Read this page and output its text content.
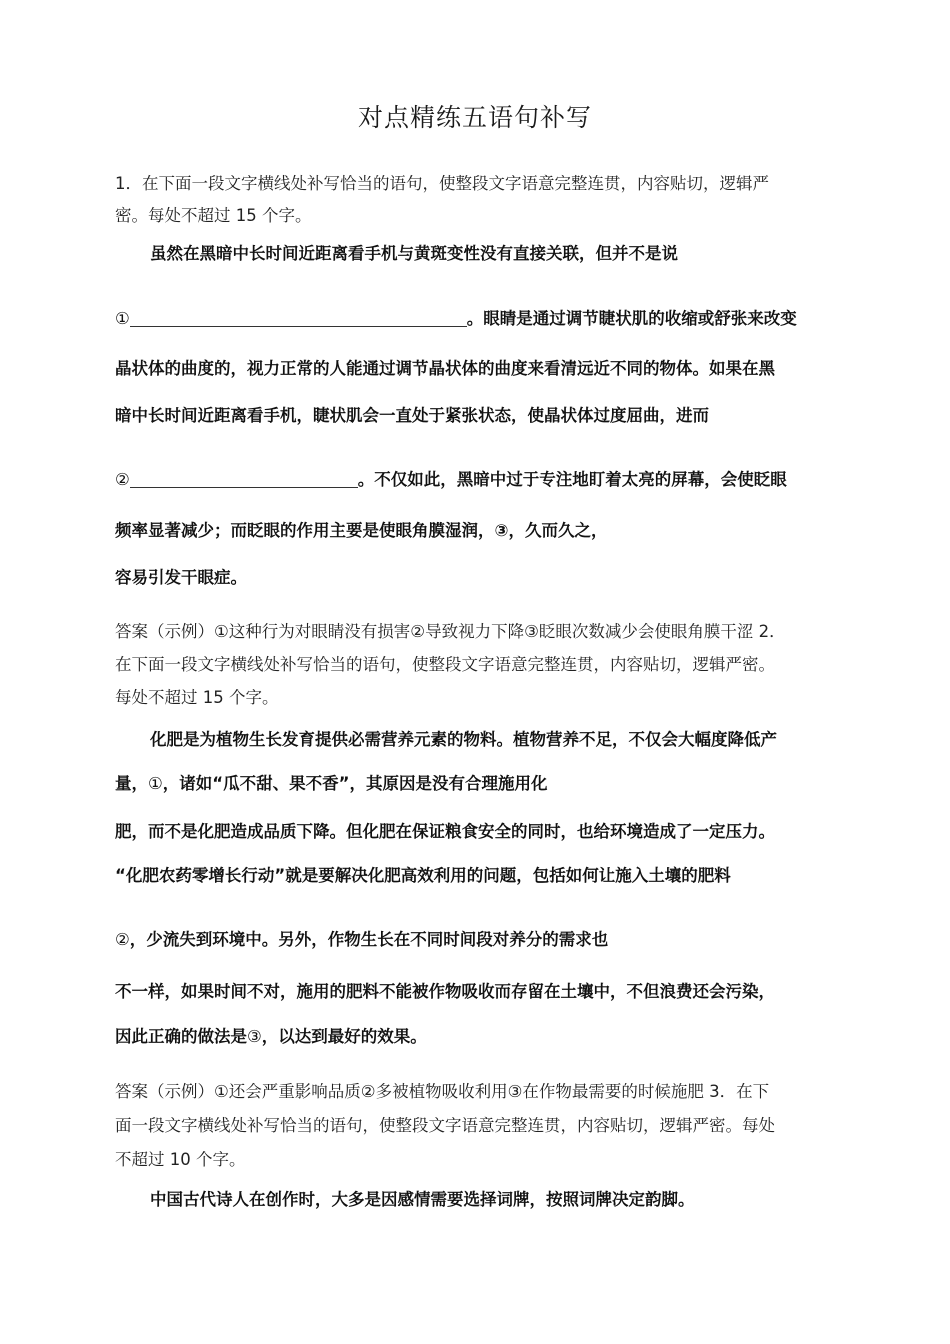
对点精练五语句补写
1．在下面一段文字横线处补写恰当的语句，使整段文字语意完整连贯，内容贴切，逻辑严
密。每处不超过 15 个字。
虽然在黑暗中长时间近距离看手机与黄斑变性没有直接关联，但并不是说
①	。眼睛是通过调节睫状肌的收缩或舒张来改变
晶状体的曲度的，视力正常的人能通过调节晶状体的曲度来看清远近不同的物体。如果在黑
暗中长时间近距离看手机，睫状肌会一直处于紧张状态，使晶状体过度屈曲，进而
②	。不仅如此，黑暗中过于专注地盯着太亮的屏幕，会使眨眼
频率显著减少；而眨眼的作用主要是使眼角膜湿润，③，久而久之，
容易引发干眼症。
答案（示例）①这种行为对眼睛没有损害②导致视力下降③眨眼次数减少会使眼角膜干涩 2．
在下面一段文字横线处补写恰当的语句，使整段文字语意完整连贯，内容贴切，逻辑严密。
每处不超过 15 个字。
化肥是为植物生长发育提供必需营养元素的物料。植物营养不足，不仅会大幅度降低产
量，①，诸如“瓜不甜、果不香”，其原因是没有合理施用化
肥，而不是化肥造成品质下降。但化肥在保证粮食安全的同时，也给环境造成了一定压力。
“化肥农药零增长行动”就是要解决化肥高效利用的问题，包括如何让施入土壤的肥料
②，少流失到环境中。另外，作物生长在不同时间段对养分的需求也
不一样，如果时间不对，施用的肥料不能被作物吸收而存留在土壤中，不但浪费还会污染，
因此正确的做法是③，以达到最好的效果。
答案（示例）①还会严重影响品质②多被植物吸收利用③在作物最需要的时候施肥 3．在下
面一段文字横线处补写恰当的语句，使整段文字语意完整连贯，内容贴切，逻辑严密。每处
不超过 10 个字。
中国古代诗人在创作时，大多是因感情需要选择词牌，按照词牌决定韵脚。
